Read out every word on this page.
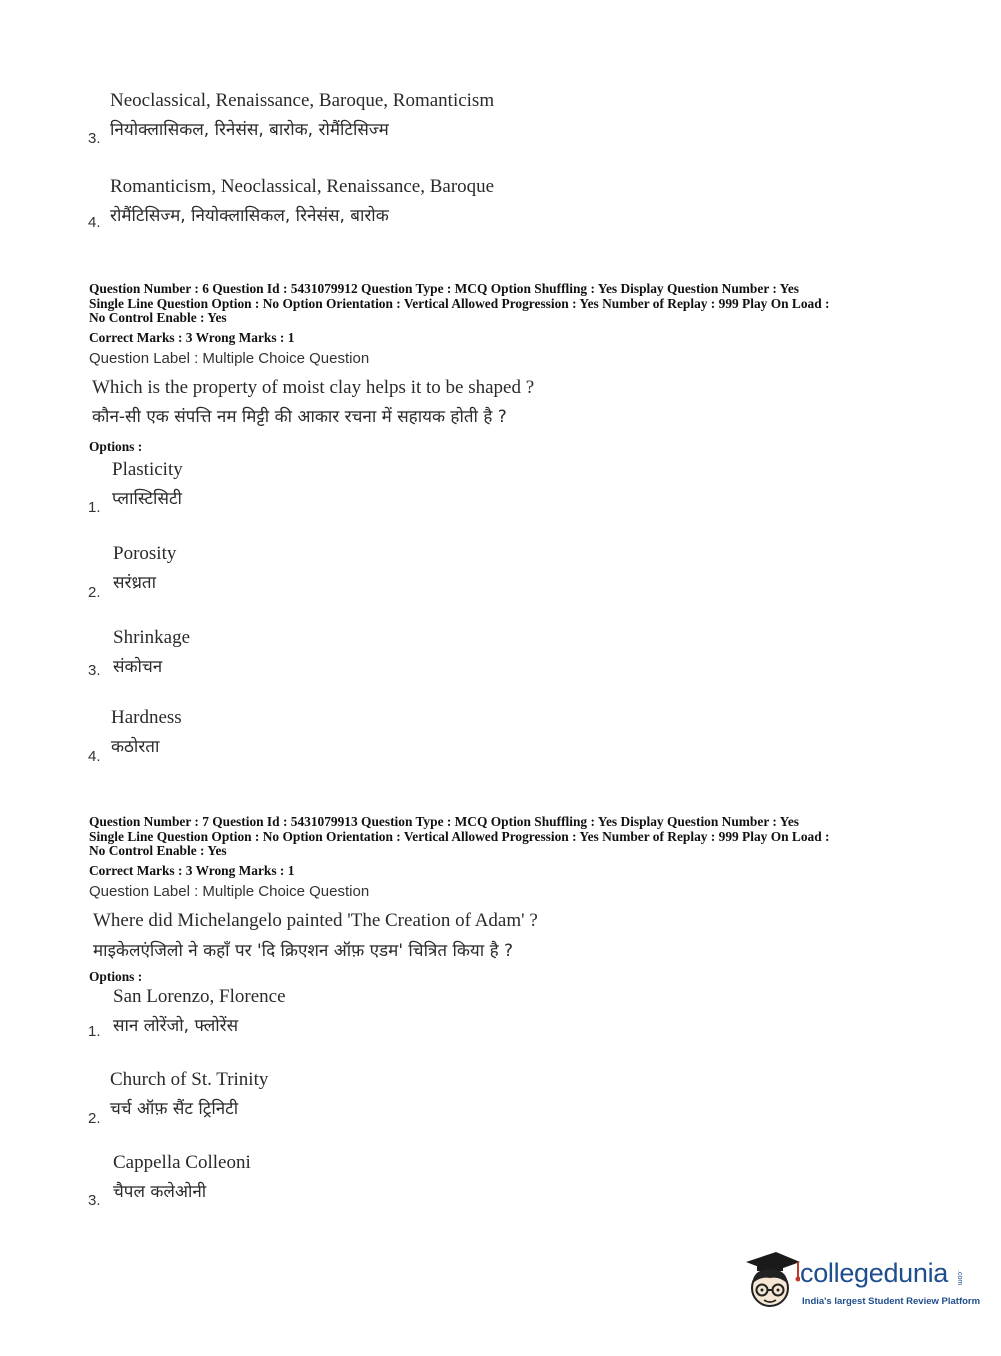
Neoclassical, Renaissance, Baroque, Romanticism
नियोक्लासिकल, रिनेसंस, बारोक, रोमैंटिसिज्म
3.
Romanticism, Neoclassical, Renaissance, Baroque
रोमैंटिसिज्म, नियोक्लासिकल, रिनेसंस, बारोक
4.
Question Number : 6 Question Id : 5431079912 Question Type : MCQ Option Shuffling : Yes Display Question Number : Yes
Single Line Question Option : No Option Orientation : Vertical Allowed Progression : Yes Number of Replay : 999 Play On Load :
No Control Enable : Yes
Correct Marks : 3 Wrong Marks : 1
Question Label : Multiple Choice Question
Which is the property of moist clay helps it to be shaped ?
कौन-सी एक संपत्ति नम मिट्टी की आकार रचना में सहायक होती है ?
Options :
Plasticity
प्लास्टिसिटी
1.
Porosity
सरंध्रता
2.
Shrinkage
संकोचन
3.
Hardness
कठोरता
4.
Question Number : 7 Question Id : 5431079913 Question Type : MCQ Option Shuffling : Yes Display Question Number : Yes
Single Line Question Option : No Option Orientation : Vertical Allowed Progression : Yes Number of Replay : 999 Play On Load :
No Control Enable : Yes
Correct Marks : 3 Wrong Marks : 1
Question Label : Multiple Choice Question
Where did Michelangelo painted 'The Creation of Adam' ?
माइकेलएंजिलो ने कहाँ पर 'दि क्रिएशन ऑफ़ एडम' चित्रित किया है ?
Options :
San Lorenzo, Florence
सान लोरेंजो, फ्लोरेंस
1.
Church of St. Trinity
चर्च ऑफ़ सैंट ट्रिनिटी
2.
Cappella Colleoni
चैपल कलेओनी
3.
collegedunia .com
India's largest Student Review Platform
